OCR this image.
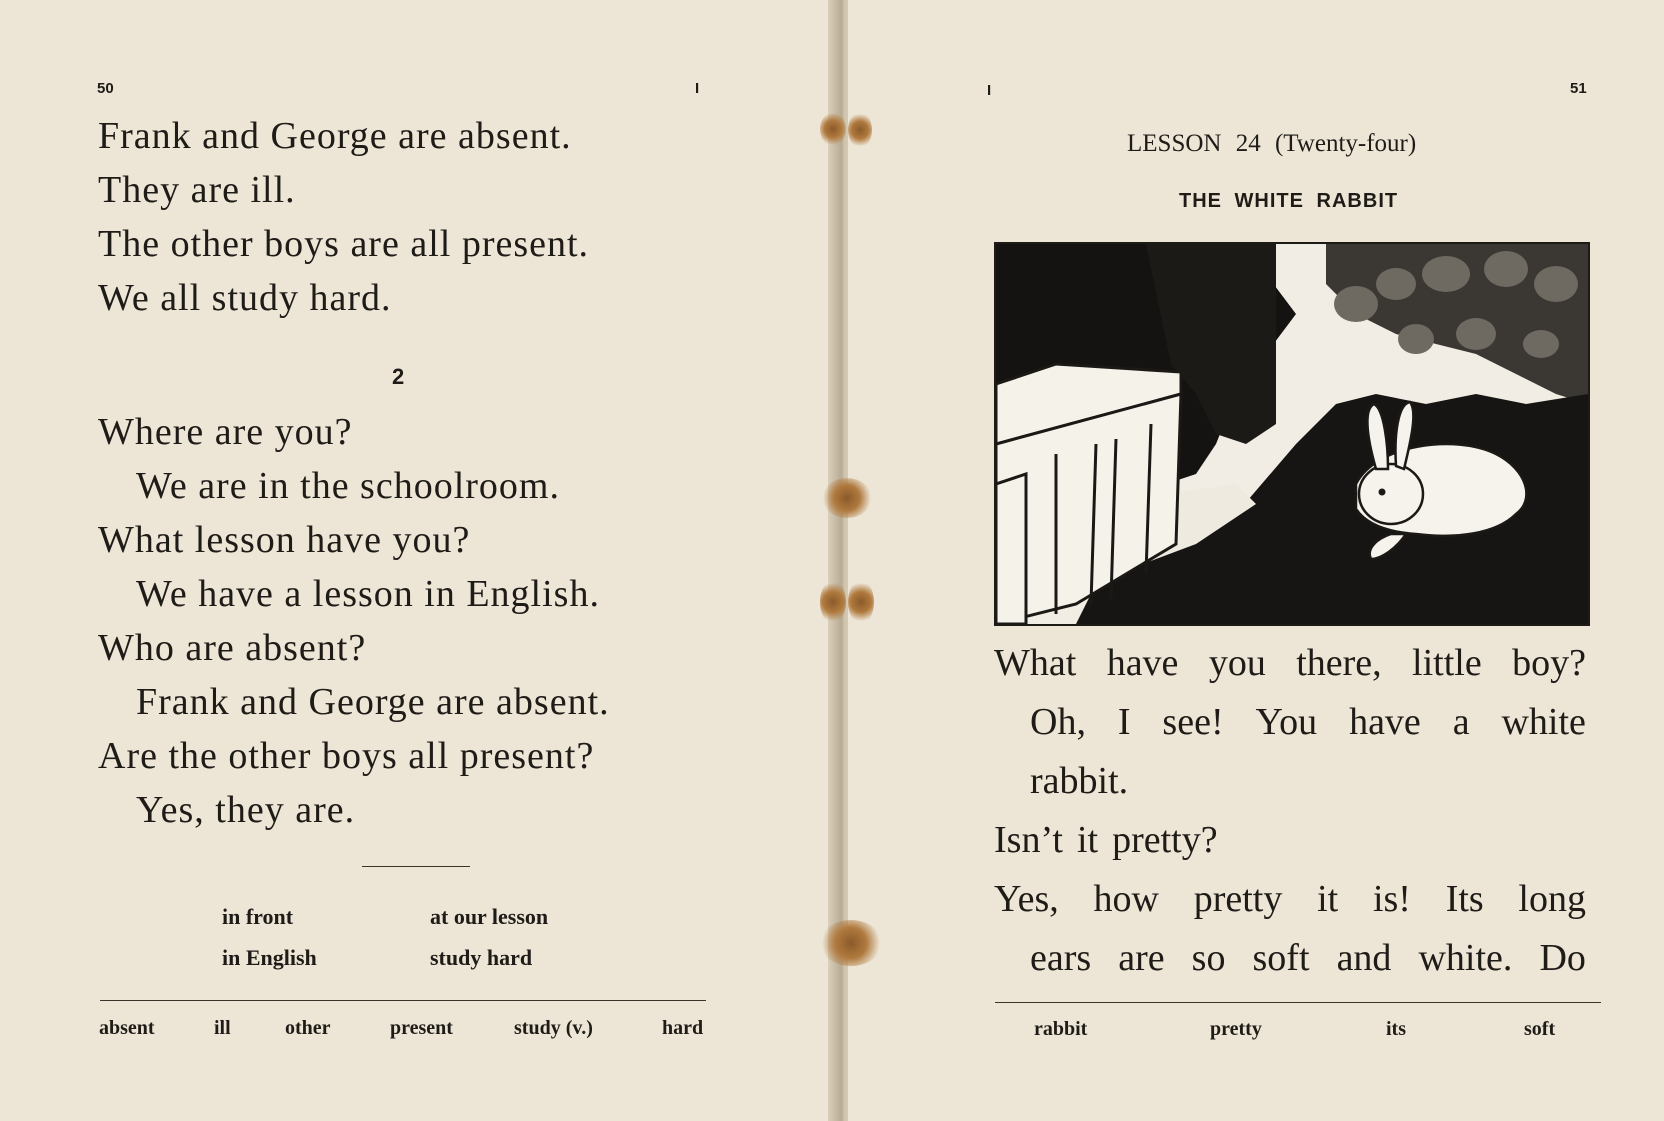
50	I
Frank and George are absent.
They are ill.
The other boys are all present.
We all study hard.
2
Where are you?
We are in the schoolroom.
What lesson have you?
We have a lesson in English.
Who are absent?
Frank and George are absent.
Are the other boys all present?
Yes, they are.
in front	at our lesson
in English	study hard
absent	ill	other	present	study (v.)	hard
I	51
LESSON 24 (Twenty-four)
THE WHITE RABBIT
What have you there, little boy?
Oh, I see! You have a white
rabbit.
Isn’t it pretty?
Yes, how pretty it is! Its long
ears are so soft and white. Do
rabbit	pretty	its	soft
